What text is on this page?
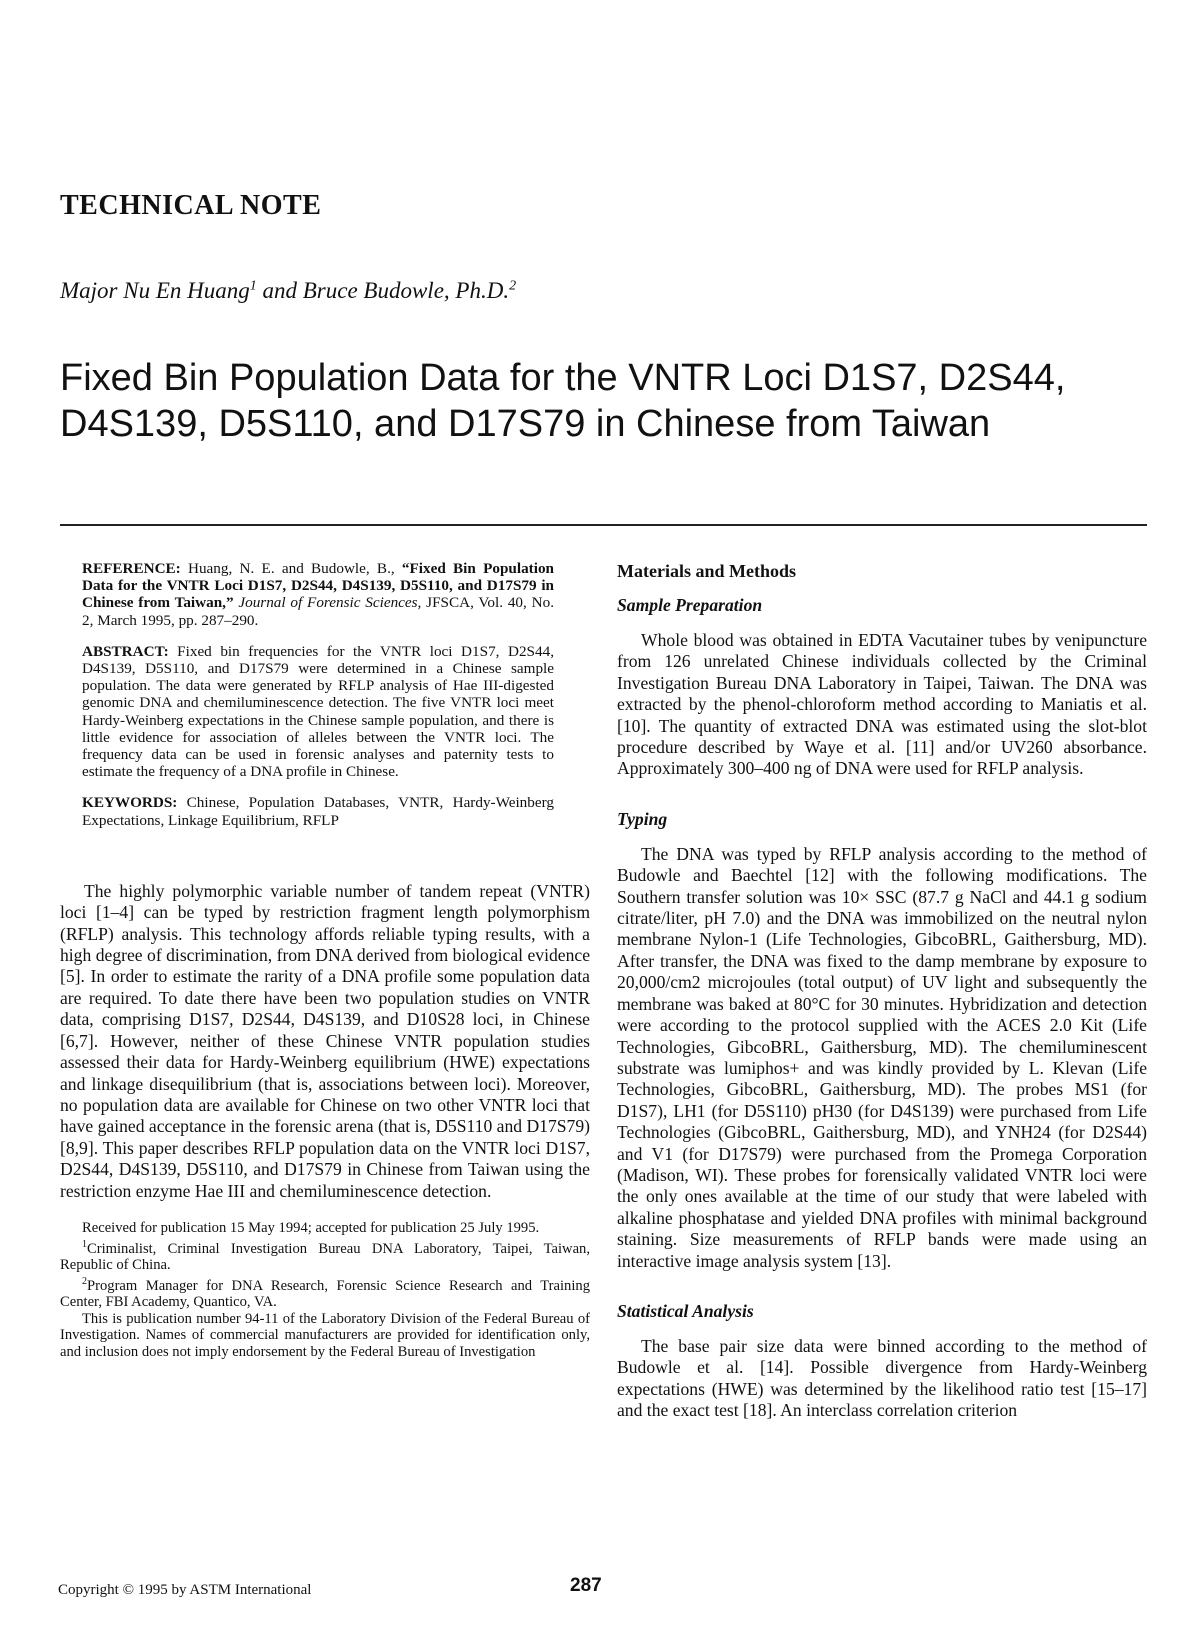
TECHNICAL NOTE

Major Nu En Huang$^1$ and Bruce Budowle, Ph.D.$^2$

Fixed Bin Population Data for the VNTR Loci D1S7, D2S44, D4S139, D5S110, and D17S79 in Chinese from Taiwan

REFERENCE: Huang, N. E. and Budowle, B., “Fixed Bin Population Data for the VNTR Loci D1S7, D2S44, D4S139, D5S110, and D17S79 in Chinese from Taiwan,” Journal of Forensic Sciences, JFSCA, Vol. 40, No. 2, March 1995, pp. 287–290.

ABSTRACT: Fixed bin frequencies for the VNTR loci D1S7, D2S44, D4S139, D5S110, and D17S79 were determined in a Chinese sample population. The data were generated by RFLP analysis of Hae III-digested genomic DNA and chemiluminescence detection. The five VNTR loci meet Hardy-Weinberg expectations in the Chinese sample population, and there is little evidence for association of alleles between the VNTR loci. The frequency data can be used in forensic analyses and paternity tests to estimate the frequency of a DNA profile in Chinese.

KEYWORDS: Chinese, Population Databases, VNTR, Hardy-Weinberg Expectations, Linkage Equilibrium, RFLP

The highly polymorphic variable number of tandem repeat (VNTR) loci [1–4] can be typed by restriction fragment length polymorphism (RFLP) analysis. This technology affords reliable typing results, with a high degree of discrimination, from DNA derived from biological evidence [5]. In order to estimate the rarity of a DNA profile some population data are required. To date there have been two population studies on VNTR data, comprising D1S7, D2S44, D4S139, and D10S28 loci, in Chinese [6,7]. However, neither of these Chinese VNTR population studies assessed their data for Hardy-Weinberg equilibrium (HWE) expectations and linkage disequilibrium (that is, associations between loci). Moreover, no population data are available for Chinese on two other VNTR loci that have gained acceptance in the forensic arena (that is, D5S110 and D17S79) [8,9]. This paper describes RFLP population data on the VNTR loci D1S7, D2S44, D4S139, D5S110, and D17S79 in Chinese from Taiwan using the restriction enzyme Hae III and chemiluminescence detection.

Received for publication 15 May 1994; accepted for publication 25 July 1995.

$^1$Criminalist, Criminal Investigation Bureau DNA Laboratory, Taipei, Taiwan, Republic of China.

$^2$Program Manager for DNA Research, Forensic Science Research and Training Center, FBI Academy, Quantico, VA.

This is publication number 94-11 of the Laboratory Division of the Federal Bureau of Investigation. Names of commercial manufacturers are provided for identification only, and inclusion does not imply endorsement by the Federal Bureau of Investigation

Materials and Methods
Sample Preparation

Whole blood was obtained in EDTA Vacutainer tubes by venipuncture from 126 unrelated Chinese individuals collected by the Criminal Investigation Bureau DNA Laboratory in Taipei, Taiwan. The DNA was extracted by the phenol-chloroform method according to Maniatis et al. [10]. The quantity of extracted DNA was estimated using the slot-blot procedure described by Waye et al. [11] and/or UV260 absorbance. Approximately 300–400 ng of DNA were used for RFLP analysis.

Typing

The DNA was typed by RFLP analysis according to the method of Budowle and Baechtel [12] with the following modifications. The Southern transfer solution was 10× SSC (87.7 g NaCl and 44.1 g sodium citrate/liter, pH 7.0) and the DNA was immobilized on the neutral nylon membrane Nylon-1 (Life Technologies, GibcoBRL, Gaithersburg, MD). After transfer, the DNA was fixed to the damp membrane by exposure to 20,000/cm2 microjoules (total output) of UV light and subsequently the membrane was baked at 80°C for 30 minutes. Hybridization and detection were according to the protocol supplied with the ACES 2.0 Kit (Life Technologies, GibcoBRL, Gaithersburg, MD). The chemiluminescent substrate was lumiphos+ and was kindly provided by L. Klevan (Life Technologies, GibcoBRL, Gaithersburg, MD). The probes MS1 (for D1S7), LH1 (for D5S110) pH30 (for D4S139) were purchased from Life Technologies (GibcoBRL, Gaithersburg, MD), and YNH24 (for D2S44) and V1 (for D17S79) were purchased from the Promega Corporation (Madison, WI). These probes for forensically validated VNTR loci were the only ones available at the time of our study that were labeled with alkaline phosphatase and yielded DNA profiles with minimal background staining. Size measurements of RFLP bands were made using an interactive image analysis system [13].

Statistical Analysis

The base pair size data were binned according to the method of Budowle et al. [14]. Possible divergence from Hardy-Weinberg expectations (HWE) was determined by the likelihood ratio test [15–17] and the exact test [18]. An interclass correlation criterion

Copyright © 1995 by ASTM International	287
